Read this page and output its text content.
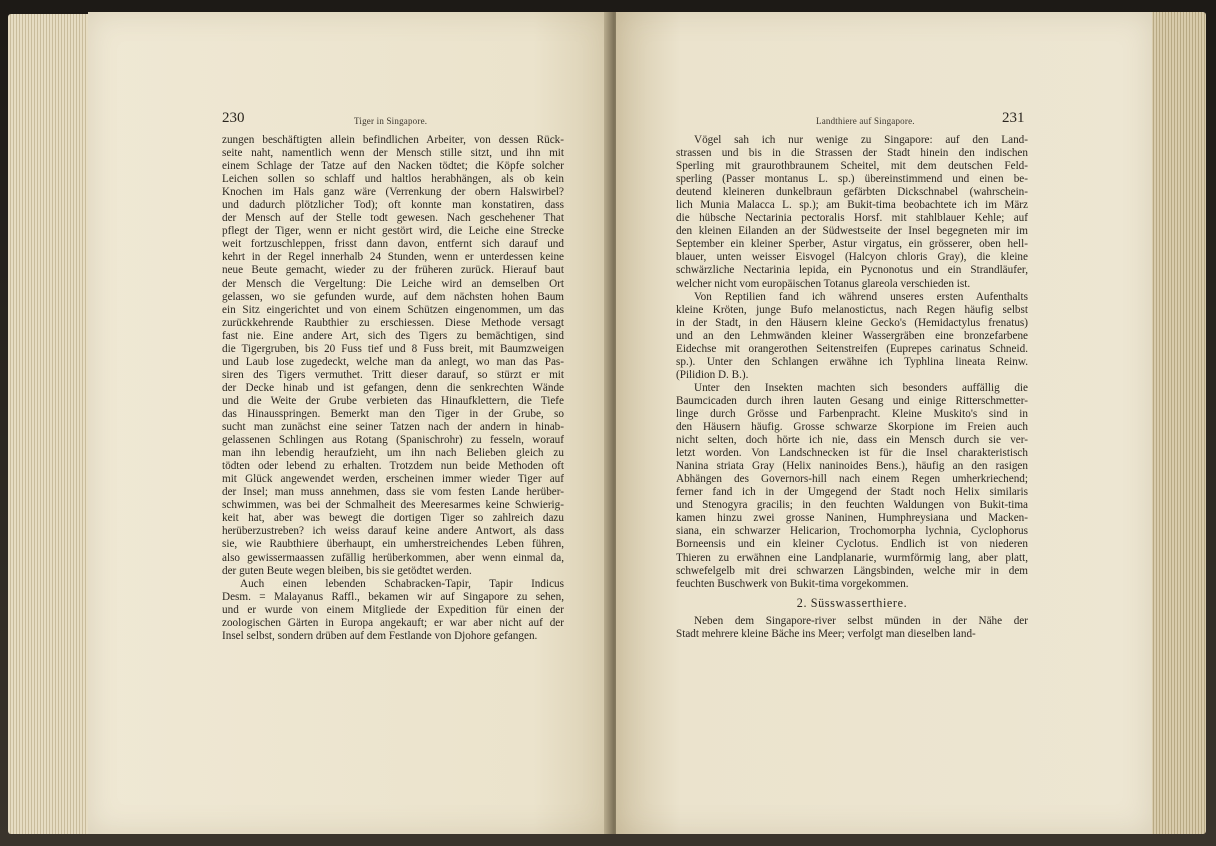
230	Tiger in Singapore.
zungen beschäftigten allein befindlichen Arbeiter, von dessen Rück-
seite naht, namentlich wenn der Mensch stille sitzt, und ihn mit
einem Schlage der Tatze auf den Nacken tödtet; die Köpfe solcher
Leichen sollen so schlaff und haltlos herabhängen, als ob kein
Knochen im Hals ganz wäre (Verrenkung der obern Halswirbel?
und dadurch plötzlicher Tod); oft konnte man konstatiren, dass
der Mensch auf der Stelle todt gewesen. Nach geschehener That
pflegt der Tiger, wenn er nicht gestört wird, die Leiche eine Strecke
weit fortzuschleppen, frisst dann davon, entfernt sich darauf und
kehrt in der Regel innerhalb 24 Stunden, wenn er unterdessen keine
neue Beute gemacht, wieder zu der früheren zurück. Hierauf baut
der Mensch die Vergeltung: Die Leiche wird an demselben Ort
gelassen, wo sie gefunden wurde, auf dem nächsten hohen Baum
ein Sitz eingerichtet und von einem Schützen eingenommen, um das
zurückkehrende Raubthier zu erschiessen. Diese Methode versagt
fast nie. Eine andere Art, sich des Tigers zu bemächtigen, sind
die Tigergruben, bis 20 Fuss tief und 8 Fuss breit, mit Baumzweigen
und Laub lose zugedeckt, welche man da anlegt, wo man das Pas-
siren des Tigers vermuthet. Tritt dieser darauf, so stürzt er mit
der Decke hinab und ist gefangen, denn die senkrechten Wände
und die Weite der Grube verbieten das Hinaufklettern, die Tiefe
das Hinausspringen. Bemerkt man den Tiger in der Grube, so
sucht man zunächst eine seiner Tatzen nach der andern in hinab-
gelassenen Schlingen aus Rotang (Spanischrohr) zu fesseln, worauf
man ihn lebendig heraufzieht, um ihn nach Belieben gleich zu
tödten oder lebend zu erhalten. Trotzdem nun beide Methoden oft
mit Glück angewendet werden, erscheinen immer wieder Tiger auf
der Insel; man muss annehmen, dass sie vom festen Lande herüber-
schwimmen, was bei der Schmalheit des Meeresarmes keine Schwierig-
keit hat, aber was bewegt die dortigen Tiger so zahlreich dazu
herüberzustreben? ich weiss darauf keine andere Antwort, als dass
sie, wie Raubthiere überhaupt, ein umherstreichendes Leben führen,
also gewissermaassen zufällig herüberkommen, aber wenn einmal da,
der guten Beute wegen bleiben, bis sie getödtet werden.
Auch einen lebenden Schabracken-Tapir, Tapir Indicus
Desm. = Malayanus Raffl., bekamen wir auf Singapore zu sehen,
und er wurde von einem Mitgliede der Expedition für einen der
zoologischen Gärten in Europa angekauft; er war aber nicht auf der
Insel selbst, sondern drüben auf dem Festlande von Djohore gefangen.
Landthiere auf Singapore.	231
Vögel sah ich nur wenige zu Singapore: auf den Land-
strassen und bis in die Strassen der Stadt hinein den indischen
Sperling mit graurothbraunem Scheitel, mit dem deutschen Feld-
sperling (Passer montanus L. sp.) übereinstimmend und einen be-
deutend kleineren dunkelbraun gefärbten Dickschnabel (wahrschein-
lich Munia Malacca L. sp.); am Bukit-tima beobachtete ich im März
die hübsche Nectarinia pectoralis Horsf. mit stahlblauer Kehle; auf
den kleinen Eilanden an der Südwestseite der Insel begegneten mir im
September ein kleiner Sperber, Astur virgatus, ein grösserer, oben hell-
blauer, unten weisser Eisvogel (Halcyon chloris Gray), die kleine
schwärzliche Nectarinia lepida, ein Pycnonotus und ein Strandläufer,
welcher nicht vom europäischen Totanus glareola verschieden ist.
Von Reptilien fand ich während unseres ersten Aufenthalts
kleine Kröten, junge Bufo melanostictus, nach Regen häufig selbst
in der Stadt, in den Häusern kleine Gecko's (Hemidactylus frenatus)
und an den Lehmwänden kleiner Wassergräben eine bronzefarbene
Eidechse mit orangerothen Seitenstreifen (Euprepes carinatus Schneid.
sp.). Unter den Schlangen erwähne ich Typhlina lineata Reinw.
(Pilidion D. B.).
Unter den Insekten machten sich besonders auffällig die
Baumcicaden durch ihren lauten Gesang und einige Ritterschmetter-
linge durch Grösse und Farbenpracht. Kleine Muskito's sind in
den Häusern häufig. Grosse schwarze Skorpione im Freien auch
nicht selten, doch hörte ich nie, dass ein Mensch durch sie ver-
letzt worden. Von Landschnecken ist für die Insel charakteristisch
Nanina striata Gray (Helix naninoides Bens.), häufig an den rasigen
Abhängen des Governors-hill nach einem Regen umherkriechend;
ferner fand ich in der Umgegend der Stadt noch Helix similaris
und Stenogyra gracilis; in den feuchten Waldungen von Bukit-tima
kamen hinzu zwei grosse Naninen, Humphreysiana und Macken-
siana, ein schwarzer Helicarion, Trochomorpha lychnia, Cyclophorus
Borneensis und ein kleiner Cyclotus. Endlich ist von niederen
Thieren zu erwähnen eine Landplanarie, wurmförmig lang, aber platt,
schwefelgelb mit drei schwarzen Längsbinden, welche mir in dem
feuchten Buschwerk von Bukit-tima vorgekommen.
2. Süsswasserthiere.
Neben dem Singapore-river selbst münden in der Nähe der
Stadt mehrere kleine Bäche ins Meer; verfolgt man dieselben land-
